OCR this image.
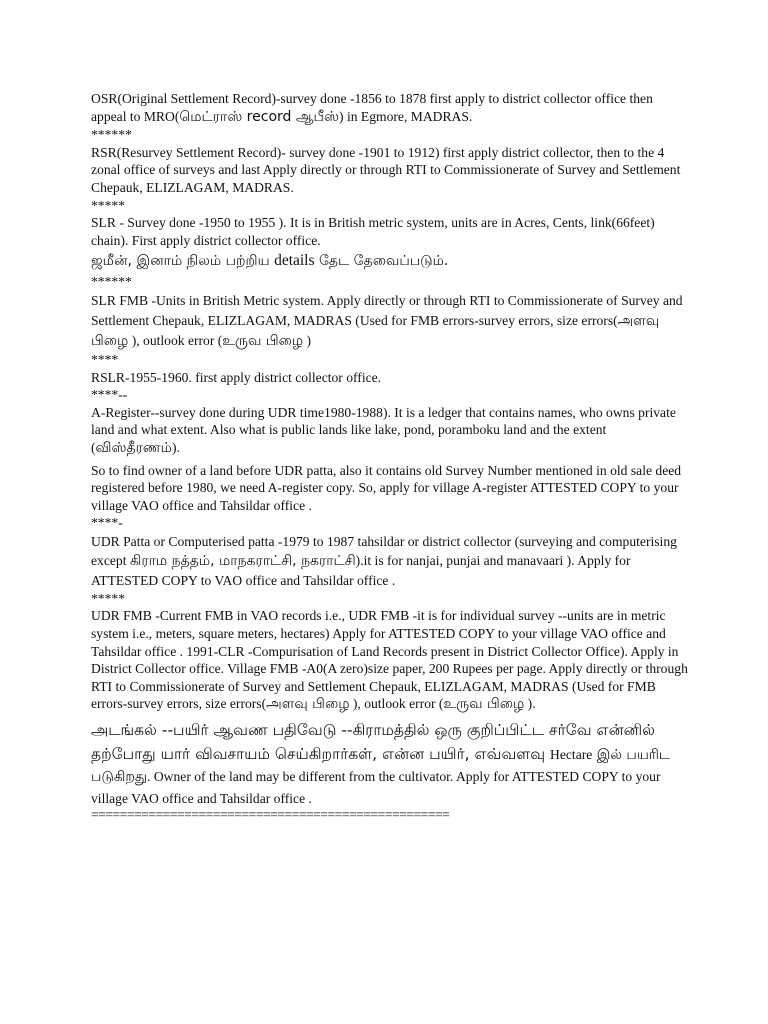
OSR(Original Settlement Record)-survey done -1856 to 1878 first apply to district collector office then appeal to MRO(மெட்ராஸ் record ஆபீஸ்) in Egmore, MADRAS.

******

RSR(Resurvey Settlement Record)- survey done -1901 to 1912) first apply district collector, then to the 4 zonal office of surveys and last Apply directly or through RTI to Commissionerate of Survey and Settlement Chepauk, ELIZLAGAM, MADRAS.

*****

SLR - Survey done -1950 to 1955 ). It is in British metric system, units are in Acres, Cents, link(66feet) chain). First apply district collector office.

ஜமீன், இனாம் நிலம் பற்றிய details தேட தேவைப்படும்.

******

SLR FMB -Units in British Metric system. Apply directly or through RTI to Commissionerate of Survey and Settlement Chepauk, ELIZLAGAM, MADRAS (Used for FMB errors-survey errors, size errors(அளவு பிழை ), outlook error (உருவ பிழை )

****

RSLR-1955-1960. first apply district collector office.

****--

A-Register--survey done during UDR time1980-1988). It is a ledger that contains names, who owns private land and what extent. Also what is public lands like lake, pond, poramboku land and the extent (விஸ்தீரணம்).

So to find owner of a land before UDR patta, also it contains old Survey Number mentioned in old sale deed registered before 1980, we need A-register copy. So, apply for village A-register ATTESTED COPY to your village VAO office and Tahsildar office .

****-

UDR Patta or Computerised patta -1979 to 1987 tahsildar or district collector (surveying and computerising except கிராம நத்தம், மாநகராட்சி, நகராட்சி).it is for nanjai, punjai and manavaari ). Apply for ATTESTED COPY to VAO office and Tahsildar office .

*****

UDR FMB -Current FMB in VAO records i.e., UDR FMB -it is for individual survey --units are in metric system i.e., meters, square meters, hectares) Apply for ATTESTED COPY to your village VAO office and Tahsildar office . 1991-CLR -Compurisation of Land Records present in District Collector Office). Apply in District Collector office. Village FMB -A0(A zero)size paper, 200 Rupees per page. Apply directly or through RTI to Commissionerate of Survey and Settlement Chepauk, ELIZLAGAM, MADRAS (Used for FMB errors-survey errors, size errors(அளவு பிழை ), outlook error (உருவ பிழை ).

அடங்கல் --பயிர் ஆவண பதிவேடு --கிராமத்தில் ஒரு குறிப்பிட்ட சர்வே என்னில் தற்போது யார் விவசாயம் செய்கிறார்கள், என்ன பயிர், எவ்வளவு Hectare இல் பயரிட படுகிறது. Owner of the land may be different from the cultivator. Apply for ATTESTED COPY to your village VAO office and Tahsildar office .

==================================================
